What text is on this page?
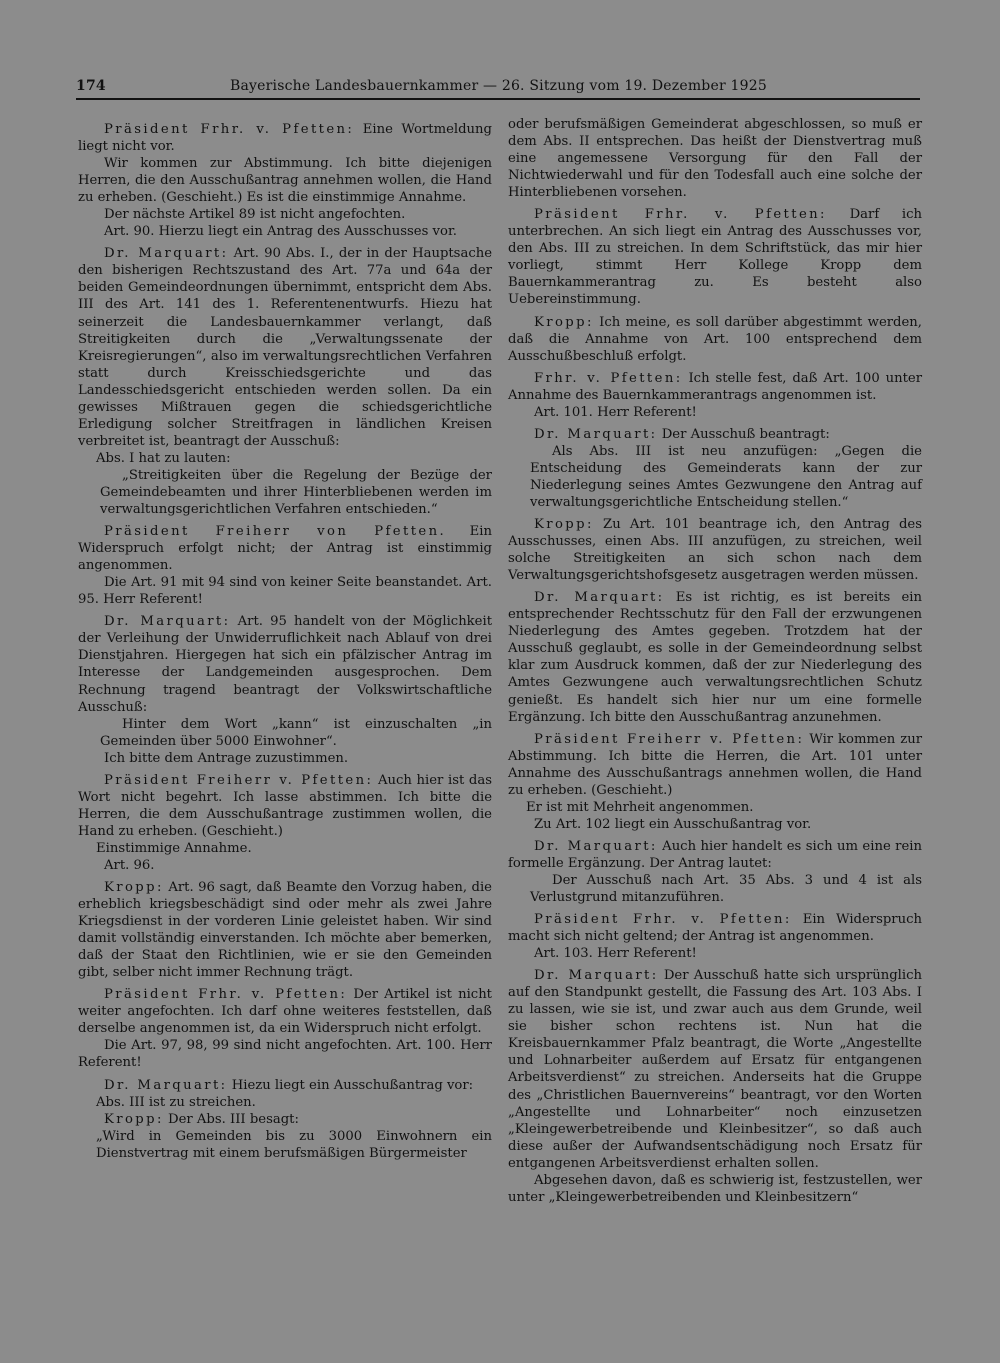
174	Bayerische Landesbauernkammer — 26. Sitzung vom 19. Dezember 1925

Präsident Frhr. v. Pfetten: Eine Wortmeldung liegt nicht vor.

Wir kommen zur Abstimmung. Ich bitte diejenigen Herren, die den Ausschußantrag annehmen wollen, die Hand zu erheben. (Geschieht.) Es ist die einstimmige Annahme.

Der nächste Artikel 89 ist nicht angefochten.

Art. 90. Hierzu liegt ein Antrag des Ausschusses vor.

Dr. Marquart: Art. 90 Abs. I., der in der Hauptsache den bisherigen Rechtszustand des Art. 77a und 64a der beiden Gemeindeordnungen übernimmt, entspricht dem Abs. III des Art. 141 des 1. Referentenentwurfs. Hiezu hat seinerzeit die Landesbauernkammer verlangt, daß Streitigkeiten durch die „Verwaltungssenate der Kreisregierungen“, also im verwaltungsrechtlichen Verfahren statt durch Kreisschiedsgerichte und das Landesschiedsgericht entschieden werden sollen. Da ein gewisses Mißtrauen gegen die schiedsgerichtliche Erledigung solcher Streitfragen in ländlichen Kreisen verbreitet ist, beantragt der Ausschuß:

Abs. I hat zu lauten:

„Streitigkeiten über die Regelung der Bezüge der Gemeindebeamten und ihrer Hinterbliebenen werden im verwaltungsgerichtlichen Verfahren entschieden.“

Präsident Freiherr von Pfetten. Ein Widerspruch erfolgt nicht; der Antrag ist einstimmig angenommen.

Die Art. 91 mit 94 sind von keiner Seite beanstandet. Art. 95. Herr Referent!

Dr. Marquart: Art. 95 handelt von der Möglichkeit der Verleihung der Unwiderruflichkeit nach Ablauf von drei Dienstjahren. Hiergegen hat sich ein pfälzischer Antrag im Interesse der Landgemeinden ausgesprochen. Dem Rechnung tragend beantragt der Volkswirtschaftliche Ausschuß:

Hinter dem Wort „kann“ ist einzuschalten „in Gemeinden über 5000 Einwohner“.

Ich bitte dem Antrage zuzustimmen.

Präsident Freiherr v. Pfetten: Auch hier ist das Wort nicht begehrt. Ich lasse abstimmen. Ich bitte die Herren, die dem Ausschußantrage zustimmen wollen, die Hand zu erheben. (Geschieht.)

Einstimmige Annahme.

Art. 96.

Kropp: Art. 96 sagt, daß Beamte den Vorzug haben, die erheblich kriegsbeschädigt sind oder mehr als zwei Jahre Kriegsdienst in der vorderen Linie geleistet haben. Wir sind damit vollständig einverstanden. Ich möchte aber bemerken, daß der Staat den Richtlinien, wie er sie den Gemeinden gibt, selber nicht immer Rechnung trägt.

Präsident Frhr. v. Pfetten: Der Artikel ist nicht weiter angefochten. Ich darf ohne weiteres feststellen, daß derselbe angenommen ist, da ein Widerspruch nicht erfolgt.

Die Art. 97, 98, 99 sind nicht angefochten. Art. 100. Herr Referent!

Dr. Marquart: Hiezu liegt ein Ausschußantrag vor:

Abs. III ist zu streichen.

Kropp: Der Abs. III besagt:

„Wird in Gemeinden bis zu 3000 Einwohnern ein Dienstvertrag mit einem berufsmäßigen Bürgermeister

oder berufsmäßigen Gemeinderat abgeschlossen, so muß er dem Abs. II entsprechen. Das heißt der Dienstvertrag muß eine angemessene Versorgung für den Fall der Nichtwiederwahl und für den Todesfall auch eine solche der Hinterbliebenen vorsehen.

Präsident Frhr. v. Pfetten: Darf ich unterbrechen. An sich liegt ein Antrag des Ausschusses vor, den Abs. III zu streichen. In dem Schriftstück, das mir hier vorliegt, stimmt Herr Kollege Kropp dem Bauernkammerantrag zu. Es besteht also Uebereinstimmung.

Kropp: Ich meine, es soll darüber abgestimmt werden, daß die Annahme von Art. 100 entsprechend dem Ausschußbeschluß erfolgt.

Frhr. v. Pfetten: Ich stelle fest, daß Art. 100 unter Annahme des Bauernkammerantrags angenommen ist.

Art. 101. Herr Referent!

Dr. Marquart: Der Ausschuß beantragt:

Als Abs. III ist neu anzufügen: „Gegen die Entscheidung des Gemeinderats kann der zur Niederlegung seines Amtes Gezwungene den Antrag auf verwaltungsgerichtliche Entscheidung stellen.“

Kropp: Zu Art. 101 beantrage ich, den Antrag des Ausschusses, einen Abs. III anzufügen, zu streichen, weil solche Streitigkeiten an sich schon nach dem Verwaltungsgerichtshofsgesetz ausgetragen werden müssen.

Dr. Marquart: Es ist richtig, es ist bereits ein entsprechender Rechtsschutz für den Fall der erzwungenen Niederlegung des Amtes gegeben. Trotzdem hat der Ausschuß geglaubt, es solle in der Gemeindeordnung selbst klar zum Ausdruck kommen, daß der zur Niederlegung des Amtes Gezwungene auch verwaltungsrechtlichen Schutz genießt. Es handelt sich hier nur um eine formelle Ergänzung. Ich bitte den Ausschußantrag anzunehmen.

Präsident Freiherr v. Pfetten: Wir kommen zur Abstimmung. Ich bitte die Herren, die Art. 101 unter Annahme des Ausschußantrags annehmen wollen, die Hand zu erheben. (Geschieht.)

Er ist mit Mehrheit angenommen.

Zu Art. 102 liegt ein Ausschußantrag vor.

Dr. Marquart: Auch hier handelt es sich um eine rein formelle Ergänzung. Der Antrag lautet:

Der Ausschuß nach Art. 35 Abs. 3 und 4 ist als Verlustgrund mitanzuführen.

Präsident Frhr. v. Pfetten: Ein Widerspruch macht sich nicht geltend; der Antrag ist angenommen.

Art. 103. Herr Referent!

Dr. Marquart: Der Ausschuß hatte sich ursprünglich auf den Standpunkt gestellt, die Fassung des Art. 103 Abs. I zu lassen, wie sie ist, und zwar auch aus dem Grunde, weil sie bisher schon rechtens ist. Nun hat die Kreisbauernkammer Pfalz beantragt, die Worte „Angestellte und Lohnarbeiter außerdem auf Ersatz für entgangenen Arbeitsverdienst“ zu streichen. Anderseits hat die Gruppe des „Christlichen Bauernvereins“ beantragt, vor den Worten „Angestellte und Lohnarbeiter“ noch einzusetzen „Kleingewerbetreibende und Kleinbesitzer“, so daß auch diese außer der Aufwandsentschädigung noch Ersatz für entgangenen Arbeitsverdienst erhalten sollen.

Abgesehen davon, daß es schwierig ist, festzustellen, wer unter „Kleingewerbetreibenden und Kleinbesitzern“
